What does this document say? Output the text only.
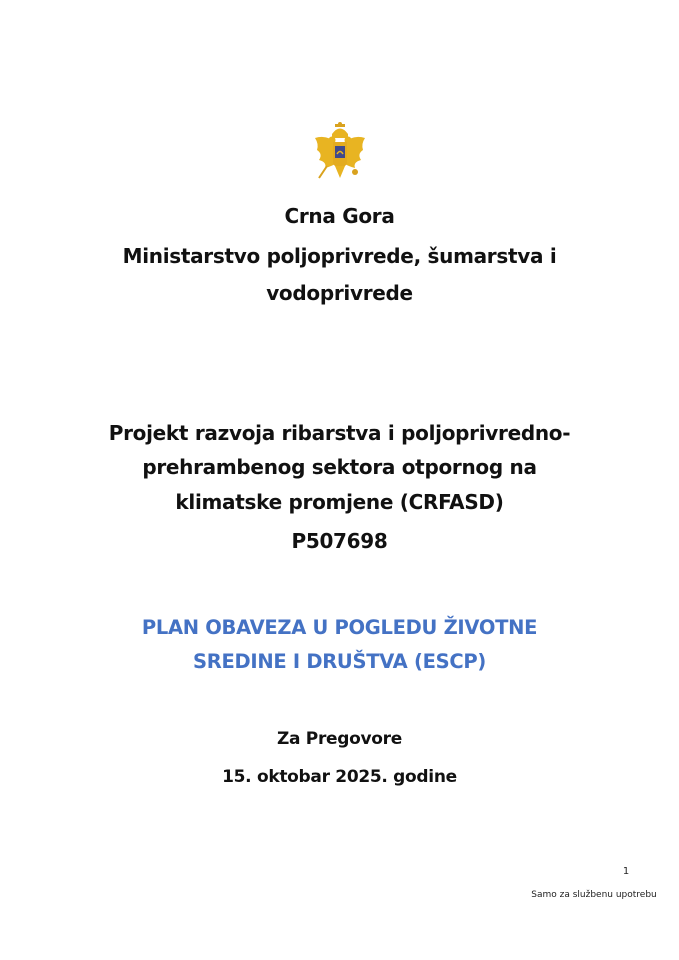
Crna Gora
Ministarstvo poljoprivrede, šumarstva i
vodoprivrede
Projekt razvoja ribarstva i poljoprivredno-
prehrambenog sektora otpornog na
klimatske promjene (CRFASD)
P507698
PLAN OBAVEZA U POGLEDU ŽIVOTNE
SREDINE I DRUŠTVA (ESCP)
Za Pregovore
15. oktobar 2025. godine
1
Samo za službenu upotrebu
